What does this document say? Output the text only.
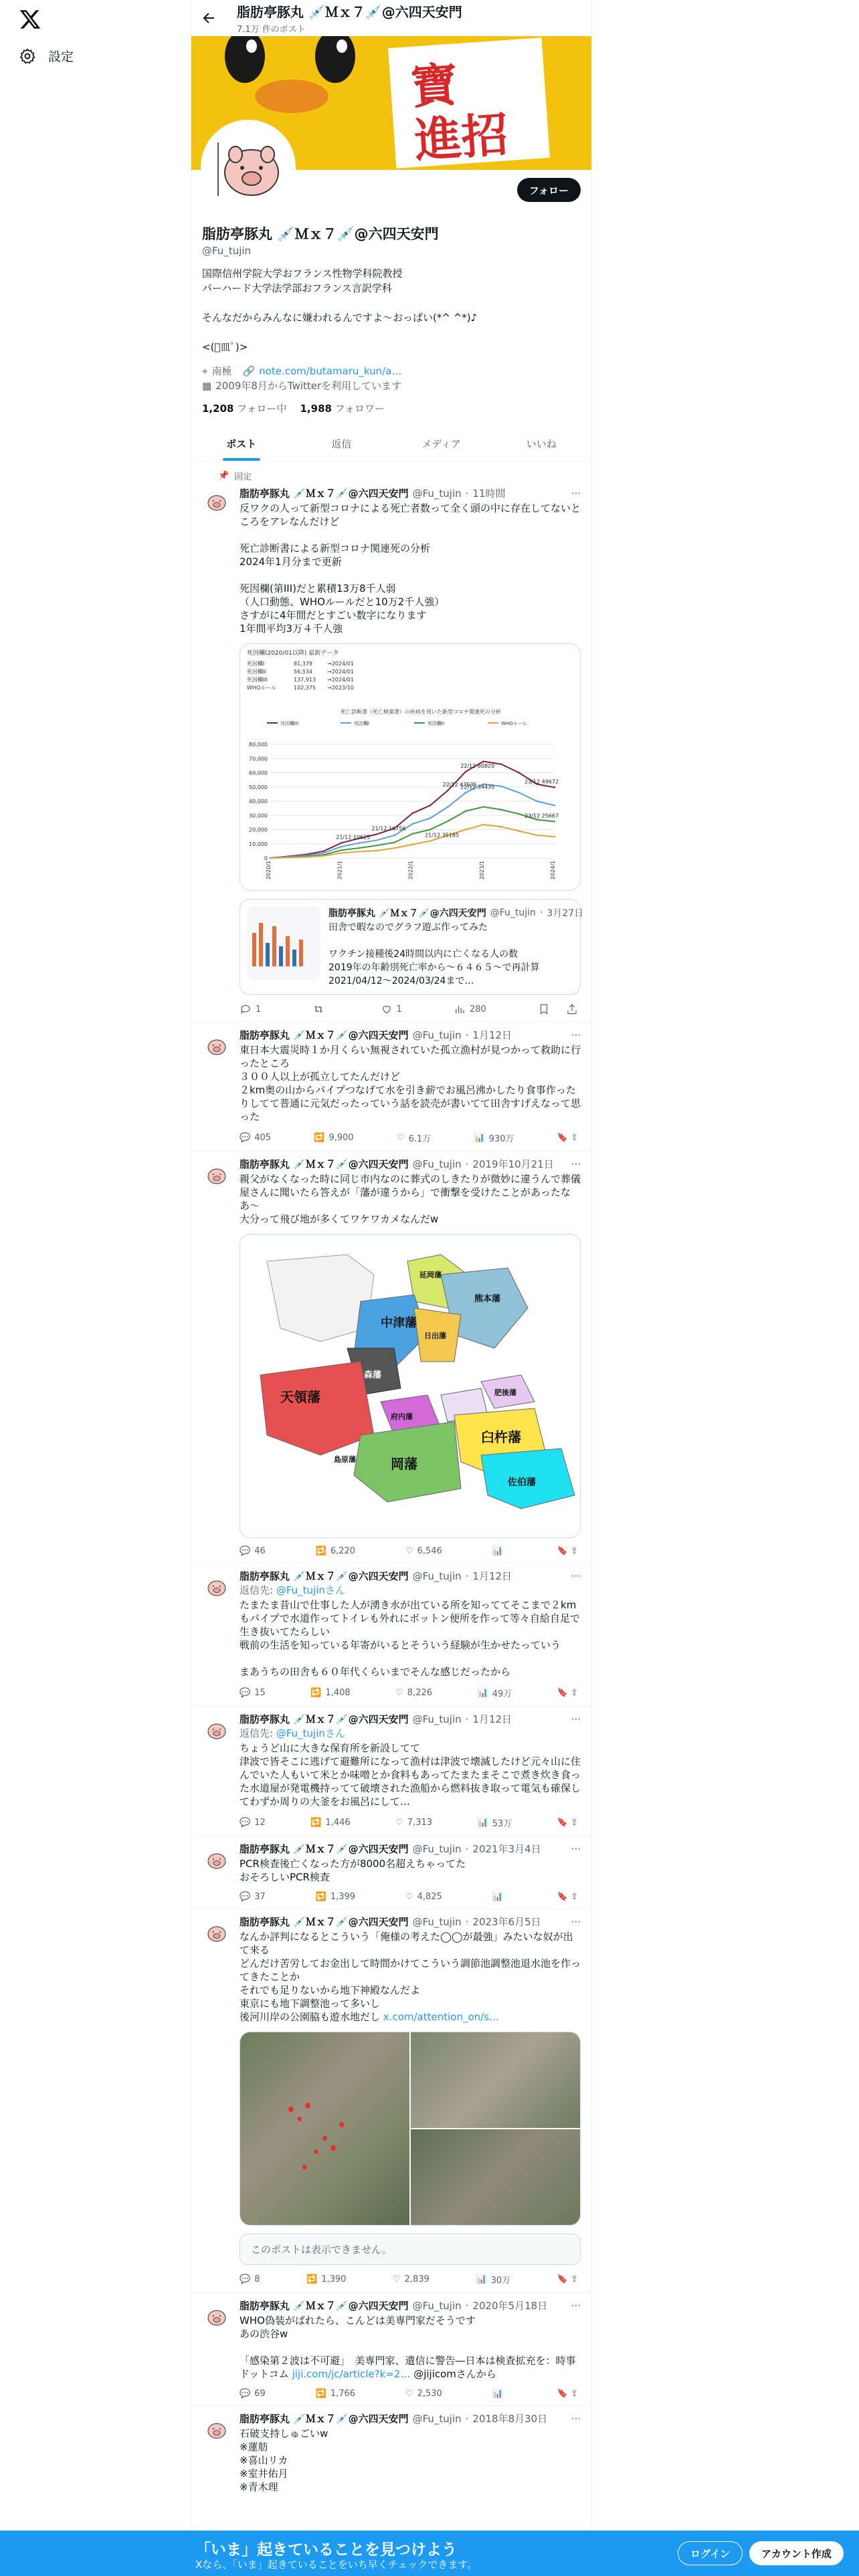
設定
脂肪亭豚丸 💉Ｍｘ７💉@六四天安門
7.1万 件のポスト
寶
進招
フォロー
脂肪亭豚丸 💉Ｍｘ７💉@六四天安門
@Fu_tujin
国際信州学院大学おフランス性物学科院教授
パーハード大学法学部おフランス言訳学科

そんなだからみんなに嫌われるんですよ〜おっぱい(*^ ^*)♪

<(ﾟ皿ﾟ)>
⌖ 南極 🔗 note.com/butamaru_kun/a…
▦ 2009年8月からTwitterを利用しています
1,208 フォロー中 1,988 フォロワー
ポスト	返信	メディア	いいね
📌 固定
脂肪亭豚丸 💉Ｍｘ７💉@六四天安門 @Fu_tujin · 11時間	···
反ワクの人って新型コロナによる死亡者数って全く頭の中に存在してないところをアレなんだけど

死亡診断書による新型コロナ関連死の分析
2024年1月分まで更新

死因欄(第III)だと累積13万8千人弱
（人口動態、WHOルールだと10万2千人強）
さすがに4年間だとすごい数字になります
1年間平均3万４千人強
死因欄(2020/01以降) 最新データ
死因欄I	81,379	→2024/01
死因欄II	56,534	→2024/01
死因欄III	137,913 →2024/01
WHOルール	102,375 →2023/10
死亡診断書（死亡検案書）の疾病を用いた新型コロナ関連死の分析
死因欄III	死因欄I	死因欄II	WHOルール
0
10,000
20,000
30,000
40,000
50,000
60,000
70,000
80,000
2020/1	2021/1	2022/1	2023/1	2024/1
21/12 10625
21/12 16756
22/12 47635
22/12 60820
23/12 49672
23/12 25667
22/12 34435
21/12 35185
脂肪亭豚丸 💉Ｍｘ７💉@六四天安門 @Fu_tujin · 3月27日
田舎で暇なのでグラフ遊ぶ作ってみた

ワクチン接種後24時間以内に亡くなる人の数
2019年の年齢別死亡率から～６４６５～で再計算
2021/04/12～2024/03/24まで…
1	1	280
脂肪亭豚丸 💉Ｍｘ７💉@六四天安門 @Fu_tujin · 1月12日	···
東日本大震災時１か月くらい無視されていた孤立漁村が見つかって救助に行ったところ
３００人以上が孤立してたんだけど
２km奥の山からパイプつなげて水を引き薪でお風呂沸かしたり食事作ったりしてて普通に元気だったっていう話を読売が書いてて田舎すげえなって思った
💬 405	🔁 9,900	♡ 6.1万	📊 930万	🔖 ⇪
脂肪亭豚丸 💉Ｍｘ７💉@六四天安門 @Fu_tujin · 2019年10月21日 ···
親父がなくなった時に同じ市内なのに葬式のしきたりが微妙に違うんで葬儀屋さんに聞いたら答えが「藩が違うから」で衝撃を受けたことがあったなあ〜
大分って飛び地が多くてワケワカメなんだw
延岡藩
熊本藩
中津藩
日出藩
森藩
天領藩
府内藩
肥後藩
岡藩
臼杵藩
佐伯藩
島原藩
💬 46	🔁 6,220	♡ 6,546	📊	🔖 ⇪
脂肪亭豚丸 💉Ｍｘ７💉@六四天安門 @Fu_tujin · 1月12日	···
返信先: @Fu_tujinさん
たまたま昔山で仕事した人が湧き水が出ている所を知っててそこまで２kmもパイプで水道作ってトイレも外れにボットン便所を作って等々自給自足で生き抜いてたらしい
戦前の生活を知っている年寄がいるとそういう経験が生かせたっていう

まあうちの田舎も６０年代くらいまでそんな感じだったから
💬 15	🔁 1,408	♡ 8,226	📊 49万	🔖 ⇪
脂肪亭豚丸 💉Ｍｘ７💉@六四天安門 @Fu_tujin · 1月12日	···
返信先: @Fu_tujinさん
ちょうど山に大きな保育所を新設してて
津波で皆そこに逃げて避難所になって漁村は津波で壊滅したけど元々山に住んでいた人もいて米とか味噌とか食料もあってたまたまそこで煮き炊き食った水道屋が発電機持ってて破壊された漁船から燃料抜き取って電気も確保してわずか周りの大釜をお風呂にして…
💬 12	🔁 1,446	♡ 7,313	📊 53万	🔖 ⇪
脂肪亭豚丸 💉Ｍｘ７💉@六四天安門 @Fu_tujin · 2021年3月4日	···
PCR検査後亡くなった方が8000名超えちゃってた
おそろしいPCR検査
💬 37	🔁 1,399	♡ 4,825	📊	🔖 ⇪
脂肪亭豚丸 💉Ｍｘ７💉@六四天安門 @Fu_tujin · 2023年6月5日	···
なんか評判になるとこういう「俺様の考えた◯◯が最強」みたいな奴が出て来る
どんだけ苦労してお金出して時間かけてこういう調節池調整池退水池を作ってきたことか
それでも足りないから地下神殿なんだよ
東京にも地下調整池って多いし
後河川岸の公園脇も遊水地だし x.com/attention_on/s…
このポストは表示できません。
💬 8	🔁 1,390	♡ 2,839	📊 30万	🔖 ⇪
脂肪亭豚丸 💉Ｍｘ７💉@六四天安門 @Fu_tujin · 2020年5月18日 ···
WHO偽装がばれたら、こんどは美専門家だそうです
あの渋谷w

「感染第２波は不可避」　美専門家、遺信に警告―日本は検査拡充を：時事ドットコム jiji.com/jc/article?k=2… @jijicomさんから
💬 69	🔁 1,766	♡ 2,530	📊	🔖 ⇪
脂肪亭豚丸 💉Ｍｘ７💉@六四天安門 @Fu_tujin · 2018年8月30日 ···
石破支持しゅごいw
※蓮舫
※喜山リカ
※室井佑月
※青木理
「いま」起きていることを見つけよう
Xなら、「いま」起きていることをいち早くチェックできます。
ログイン	アカウント作成
